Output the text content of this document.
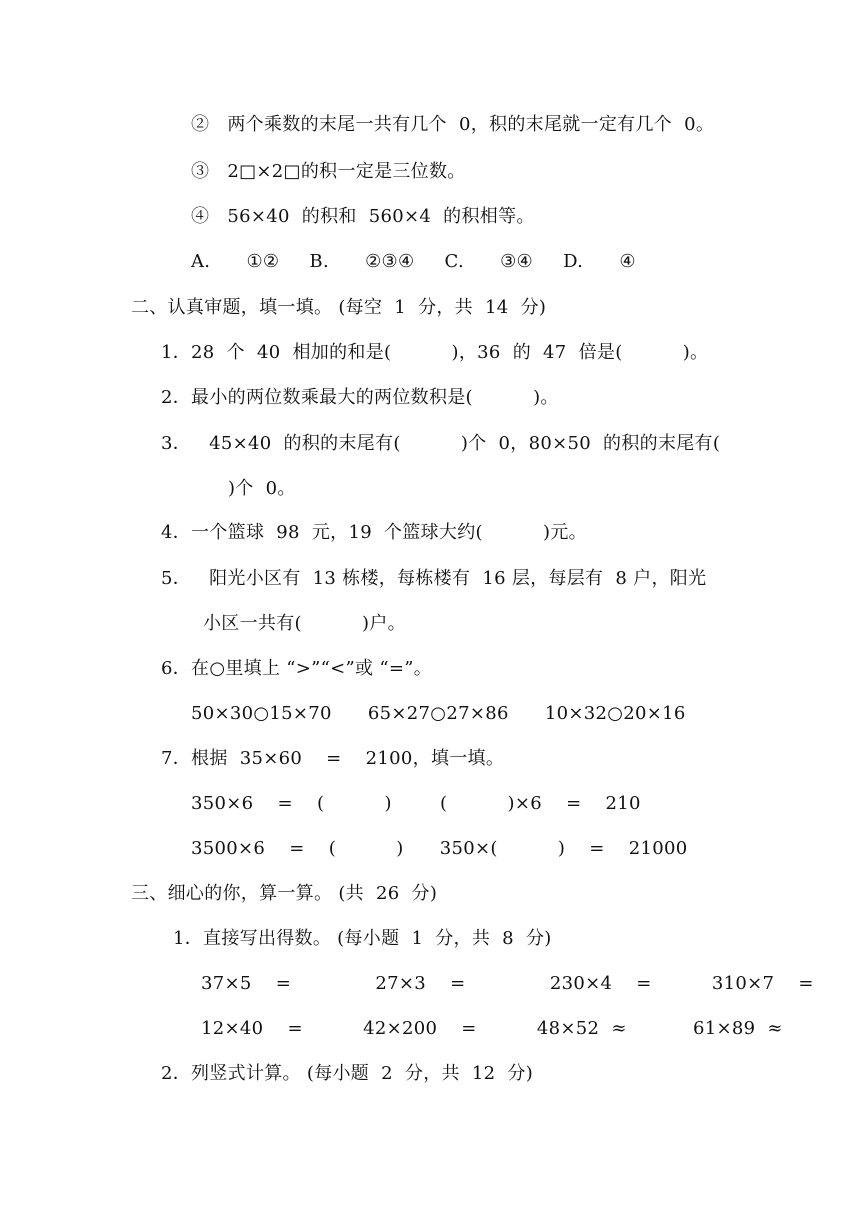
②   两个乘数的末尾一共有几个  0，积的末尾就一定有几个  0。
③   2□×2□的积一定是三位数。
④   56×40  的积和  560×4  的积相等。
A.      ①②     B.      ②③④     C.      ③④     D.      ④
二、认真审题，填一填。 (每空  1  分，共  14  分)
1．28  个  40  相加的和是(          )，36  的  47  倍是(          )。
2．最小的两位数乘最大的两位数积是(          )。
3．   45×40  的积的末尾有(          )个  0，80×50  的积的末尾有(
)个  0。
4．一个篮球  98  元，19  个篮球大约(          )元。
5．   阳光小区有  13 栋楼，每栋楼有  16 层，每层有  8 户，阳光
小区一共有(          )户。
6．在○里填上 “>”“<”或 “=”。
50×30○15×70      65×27○27×86      10×32○20×16
7．根据  35×60    =    2100，填一填。
350×6    =    (          )        (          )×6    =    210
3500×6    =    (          )      350×(          )    =    21000
三、细心的你，算一算。 (共  26  分)
1．直接写出得数。 (每小题  1  分，共  8  分)
37×5    =              27×3    =              230×4    =          310×7    =
12×40    =          42×200    =          48×52  ≈           61×89  ≈
2．列竖式计算。 (每小题  2  分，共  12  分)
